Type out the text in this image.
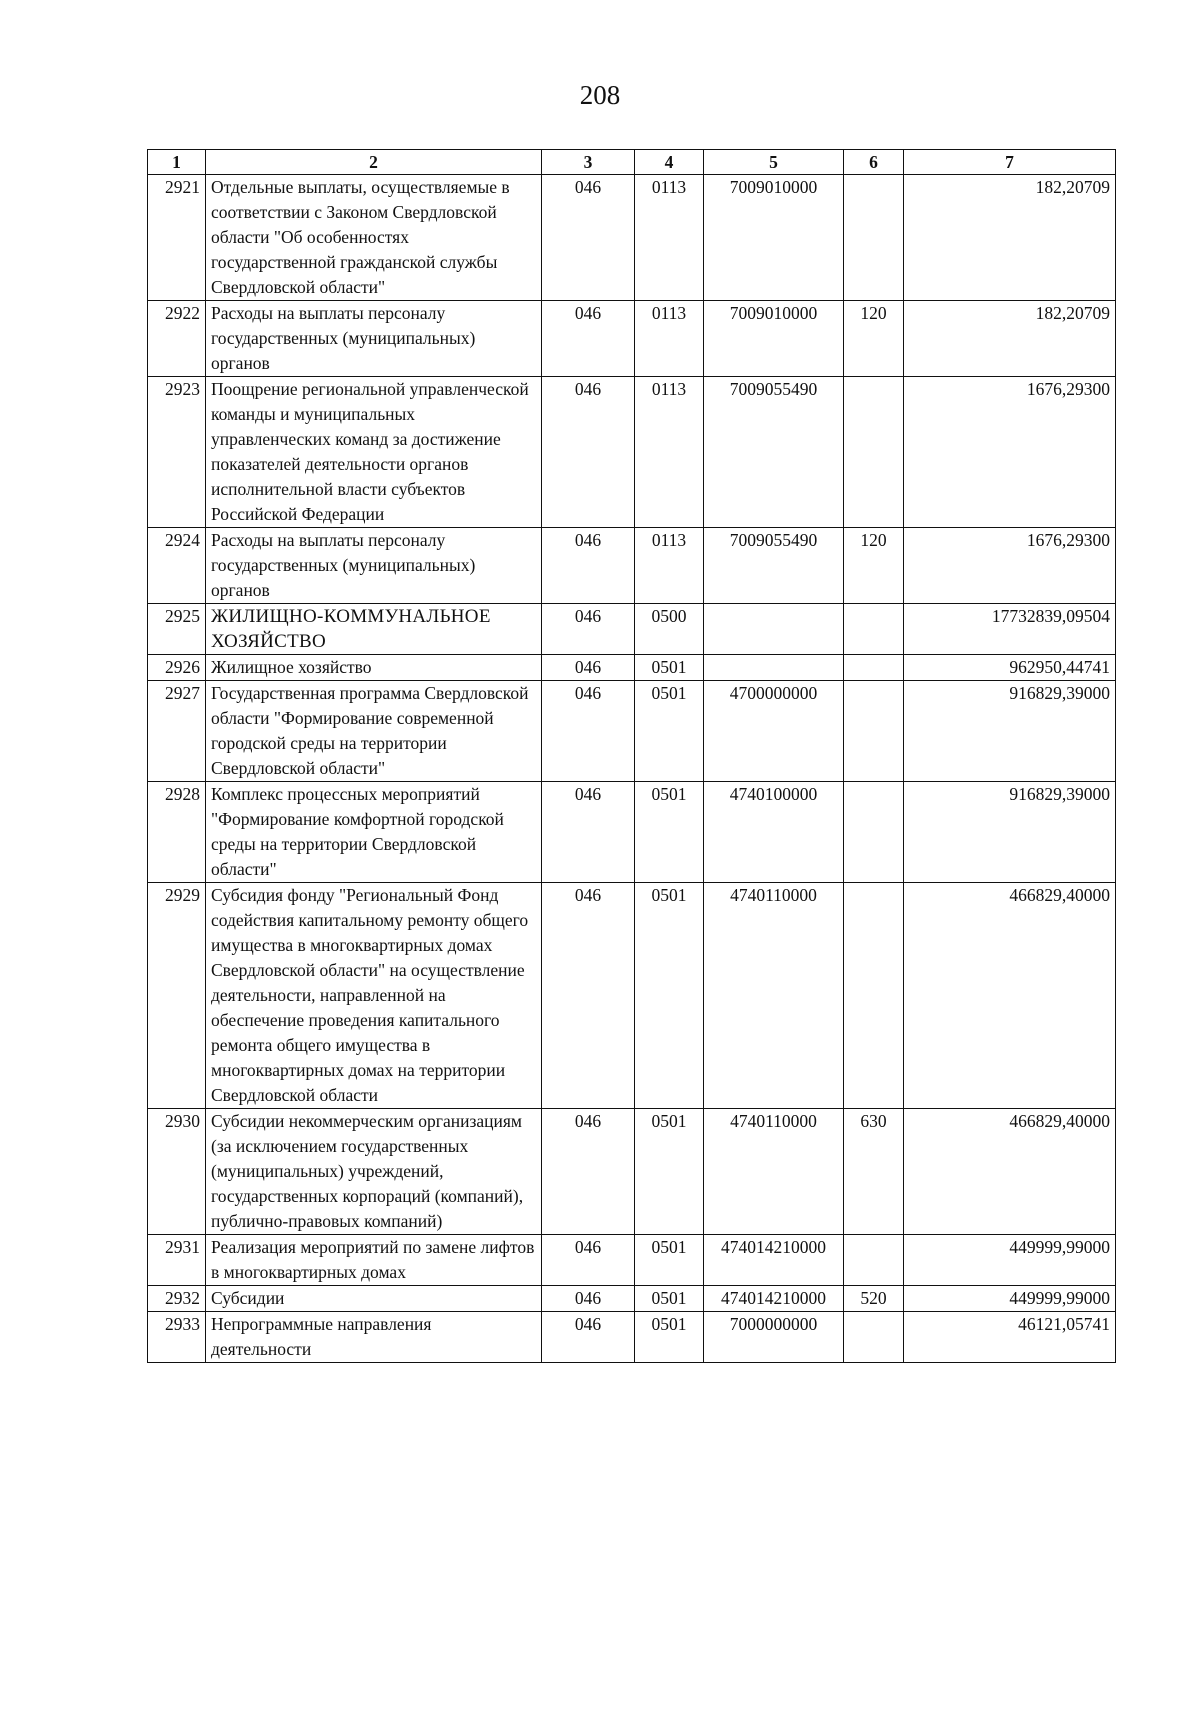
208
1	2	3	4	5	6	7
2921	Отдельные выплаты, осуществляемые в соответствии с Законом Свердловской области "Об особенностях государственной гражданской службы Свердловской области"	046	0113	7009010000		182,20709
2922	Расходы на выплаты персоналу государственных (муниципальных) органов	046	0113	7009010000	120	182,20709
2923	Поощрение региональной управленческой команды и муниципальных управленческих команд за достижение показателей деятельности органов исполнительной власти субъектов Российской Федерации	046	0113	7009055490		1676,29300
2924	Расходы на выплаты персоналу государственных (муниципальных) органов	046	0113	7009055490	120	1676,29300
2925	ЖИЛИЩНО-КОММУНАЛЬНОЕ ХОЗЯЙСТВО	046	0500			17732839,09504
2926	Жилищное хозяйство	046	0501			962950,44741
2927	Государственная программа Свердловской области "Формирование современной городской среды на территории Свердловской области"	046	0501	4700000000		916829,39000
2928	Комплекс процессных мероприятий "Формирование комфортной городской среды на территории Свердловской области"	046	0501	4740100000		916829,39000
2929	Субсидия фонду "Региональный Фонд содействия капитальному ремонту общего имущества в многоквартирных домах Свердловской области" на осуществление деятельности, направленной на обеспечение проведения капитального ремонта общего имущества в многоквартирных домах на территории Свердловской области	046	0501	4740110000		466829,40000
2930	Субсидии некоммерческим организациям (за исключением государственных (муниципальных) учреждений, государственных корпораций (компаний), публично-правовых компаний)	046	0501	4740110000	630	466829,40000
2931	Реализация мероприятий по замене лифтов в многоквартирных домах	046	0501	474014210000		449999,99000
2932	Субсидии	046	0501	474014210000	520	449999,99000
2933	Непрограммные направления деятельности	046	0501	7000000000		46121,05741
